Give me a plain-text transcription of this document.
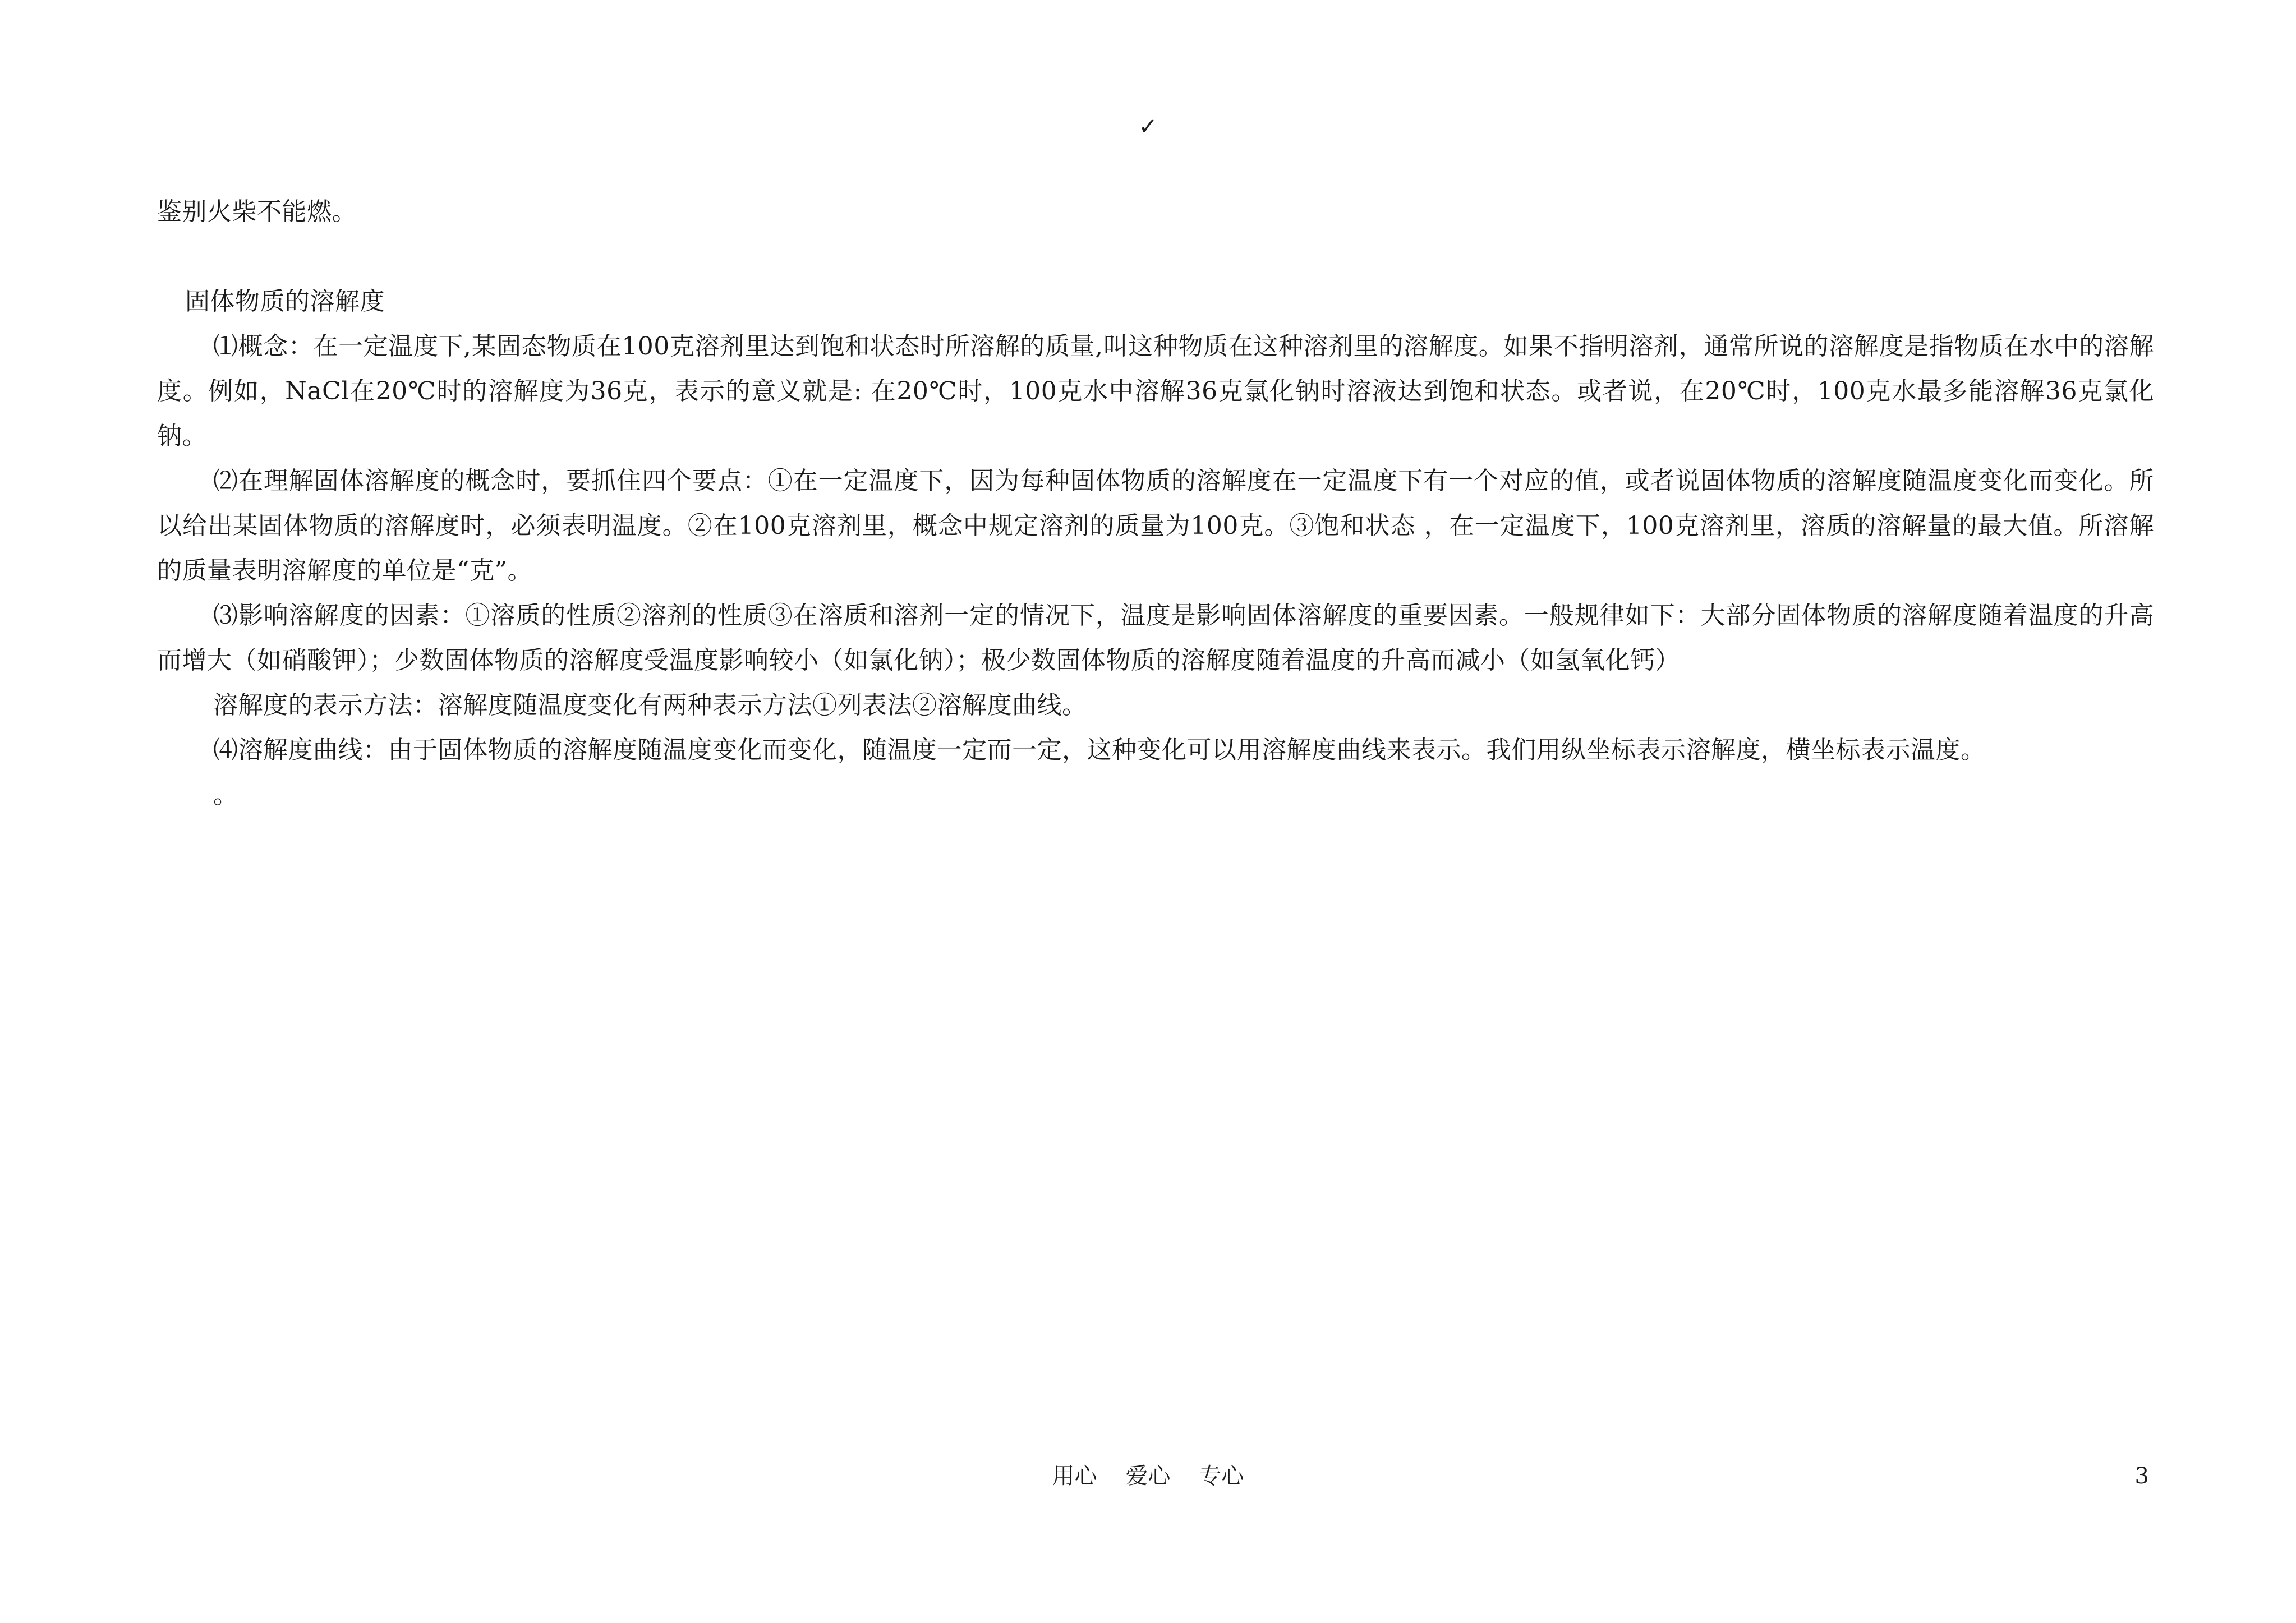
✓

鉴别火柴不能燃。

固体物质的溶解度

⑴概念：在一定温度下,某固态物质在100克溶剂里达到饱和状态时所溶解的质量,叫这种物质在这种溶剂里的溶解度。如果不指明溶剂，通常所说的溶解度是指物质在水中的溶解度。例如，NaCl在20℃时的溶解度为36克，表示的意义就是: 在20℃时，100克水中溶解36克氯化钠时溶液达到饱和状态。或者说，在20℃时，100克水最多能溶解36克氯化钠。

⑵在理解固体溶解度的概念时，要抓住四个要点：①在一定温度下，因为每种固体物质的溶解度在一定温度下有一个对应的值，或者说固体物质的溶解度随温度变化而变化。所以给出某固体物质的溶解度时，必须表明温度。②在100克溶剂里，概念中规定溶剂的质量为100克。③饱和状态 ，在一定温度下，100克溶剂里，溶质的溶解量的最大值。所溶解的质量表明溶解度的单位是“克”。

⑶影响溶解度的因素：①溶质的性质②溶剂的性质③在溶质和溶剂一定的情况下，温度是影响固体溶解度的重要因素。一般规律如下：大部分固体物质的溶解度随着温度的升高而增大（如硝酸钾）；少数固体物质的溶解度受温度影响较小（如氯化钠）；极少数固体物质的溶解度随着温度的升高而减小（如氢氧化钙）

溶解度的表示方法：溶解度随温度变化有两种表示方法①列表法②溶解度曲线。

⑷溶解度曲线：由于固体物质的溶解度随温度变化而变化，随温度一定而一定，这种变化可以用溶解度曲线来表示。我们用纵坐标表示溶解度，横坐标表示温度。

。

用心    爱心    专心	3
